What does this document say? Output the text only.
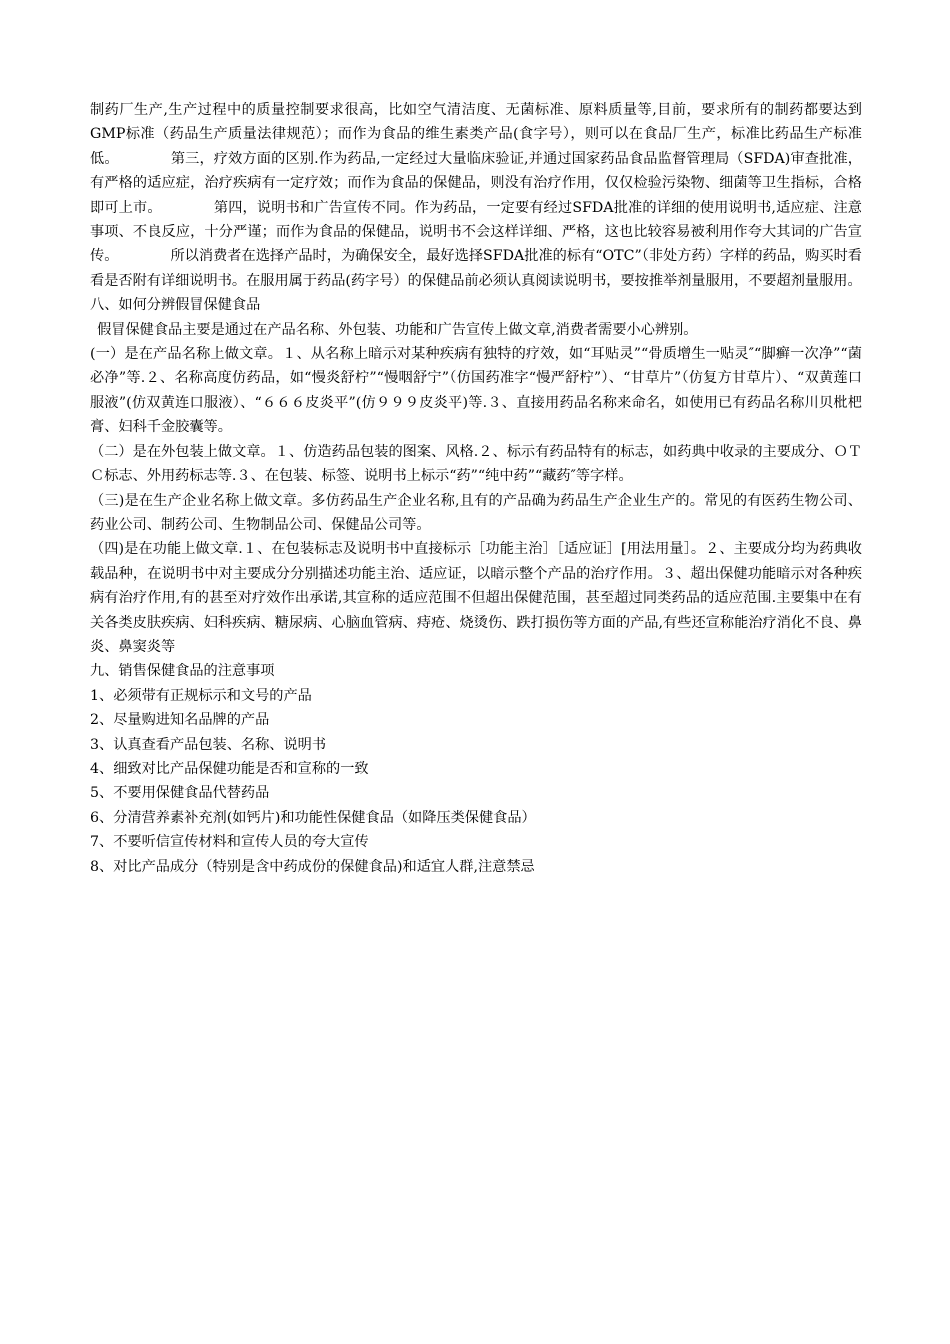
制药厂生产,生产过程中的质量控制要求很高，比如空气清洁度、无菌标准、原料质量等,目前，要求所有的制药都要达到GMP标准（药品生产质量法律规范）；而作为食品的维生素类产品(食字号），则可以在食品厂生产，标准比药品生产标准低。	第三，疗效方面的区别.作为药品,一定经过大量临床验证,并通过国家药品食品监督管理局（SFDA)审查批准，有严格的适应症，治疗疾病有一定疗效；而作为食品的保健品，则没有治疗作用，仅仅检验污染物、细菌等卫生指标，合格即可上市。	第四，说明书和广告宣传不同。作为药品，一定要有经过SFDA批准的详细的使用说明书,适应症、注意事项、不良反应，十分严谨；而作为食品的保健品，说明书不会这样详细、严格，这也比较容易被利用作夸大其词的广告宣传。	所以消费者在选择产品时，为确保安全，最好选择SFDA批准的标有“OTC”（非处方药）字样的药品，购买时看看是否附有详细说明书。在服用属于药品(药字号）的保健品前必须认真阅读说明书，要按推举剂量服用，不要超剂量服用。

八、如何分辨假冒保健食品

假冒保健食品主要是通过在产品名称、外包装、功能和广告宣传上做文章,消费者需要小心辨别。

(一）是在产品名称上做文章。１、从名称上暗示对某种疾病有独特的疗效，如“耳贴灵”“骨质增生一贴灵″“脚癣一次净”“菌必净”等.２、名称高度仿药品，如“慢炎舒柠”“慢咽舒宁”（仿国药准字“慢严舒柠”）、“甘草片”（仿复方甘草片）、“双黄莲口服液”(仿双黄连口服液）、“６６６皮炎平”(仿９９９皮炎平)等.３、直接用药品名称来命名，如使用已有药品名称川贝枇杷膏、妇科千金胶囊等。

（二）是在外包装上做文章。１、仿造药品包装的图案、风格.２、标示有药品特有的标志，如药典中收录的主要成分、ＯＴＣ标志、外用药标志等.３、在包装、标签、说明书上标示“药”“纯中药”“藏药″等字样。

（三)是在生产企业名称上做文章。多仿药品生产企业名称,且有的产品确为药品生产企业生产的。常见的有医药生物公司、药业公司、制药公司、生物制品公司、保健品公司等。

（四)是在功能上做文章.１、在包装标志及说明书中直接标示［功能主治］［适应证］[用法用量］。２、主要成分均为药典收载品种，在说明书中对主要成分分别描述功能主治、适应证，以暗示整个产品的治疗作用。３、超出保健功能暗示对各种疾病有治疗作用,有的甚至对疗效作出承诺,其宣称的适应范围不但超出保健范围，甚至超过同类药品的适应范围.主要集中在有关各类皮肤疾病、妇科疾病、糖尿病、心脑血管病、痔疮、烧烫伤、跌打损伤等方面的产品,有些还宣称能治疗消化不良、鼻炎、鼻窦炎等

九、销售保健食品的注意事项

1、必须带有正规标示和文号的产品

2、尽量购进知名品牌的产品

3、认真查看产品包装、名称、说明书

4、细致对比产品保健功能是否和宣称的一致

5、不要用保健食品代替药品

6、分清营养素补充剂(如钙片)和功能性保健食品（如降压类保健食品）

7、不要听信宣传材料和宣传人员的夸大宣传

8、对比产品成分（特别是含中药成份的保健食品)和适宜人群,注意禁忌
